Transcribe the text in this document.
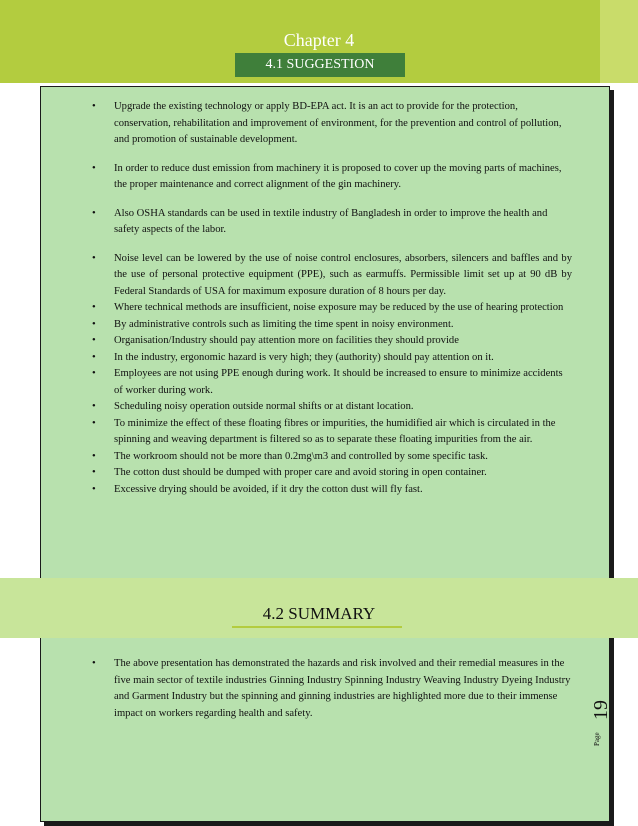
Chapter 4
4.1 SUGGESTION
• Upgrade the existing technology or apply BD-EPA act. It is an act to provide for the protection, conservation, rehabilitation and improvement of environment, for the prevention and control of pollution, and promotion of sustainable development.
• In order to reduce dust emission from machinery it is proposed to cover up the moving parts of machines, the proper maintenance and correct alignment of the gin machinery.
• Also OSHA standards can be used in textile industry of Bangladesh in order to improve the health and safety aspects of the labor.
• Noise level can be lowered by the use of noise control enclosures, absorbers, silencers and baffles and by the use of personal protective equipment (PPE), such as earmuffs. Permissible limit set up at 90 dB by Federal Standards of USA for maximum exposure duration of 8 hours per day.
• Where technical methods are insufficient, noise exposure may be reduced by the use of hearing protection
• By administrative controls such as limiting the time spent in noisy environment.
• Organisation/Industry should pay attention more on facilities they should provide
• In the industry, ergonomic hazard is very high; they (authority) should pay attention on it.
• Employees are not using PPE enough during work. It should be increased to ensure to minimize accidents of worker during work.
• Scheduling noisy operation outside normal shifts or at distant location.
• To minimize the effect of these floating fibres or impurities, the humidified air which is circulated in the spinning and weaving department is filtered so as to separate these floating impurities from the air.
• The workroom should not be more than 0.2mg\m3 and controlled by some specific task.
• The cotton dust should be dumped with proper care and avoid storing in open container.
• Excessive drying should be avoided, if it dry the cotton dust will fly fast.
4.2 SUMMARY
• The above presentation has demonstrated the hazards and risk involved and their remedial measures in the five main sector of textile industries Ginning Industry Spinning Industry Weaving Industry Dyeing Industry and Garment Industry but the spinning and ginning industries are highlighted more due to their immense impact on workers regarding health and safety.	19
Page
